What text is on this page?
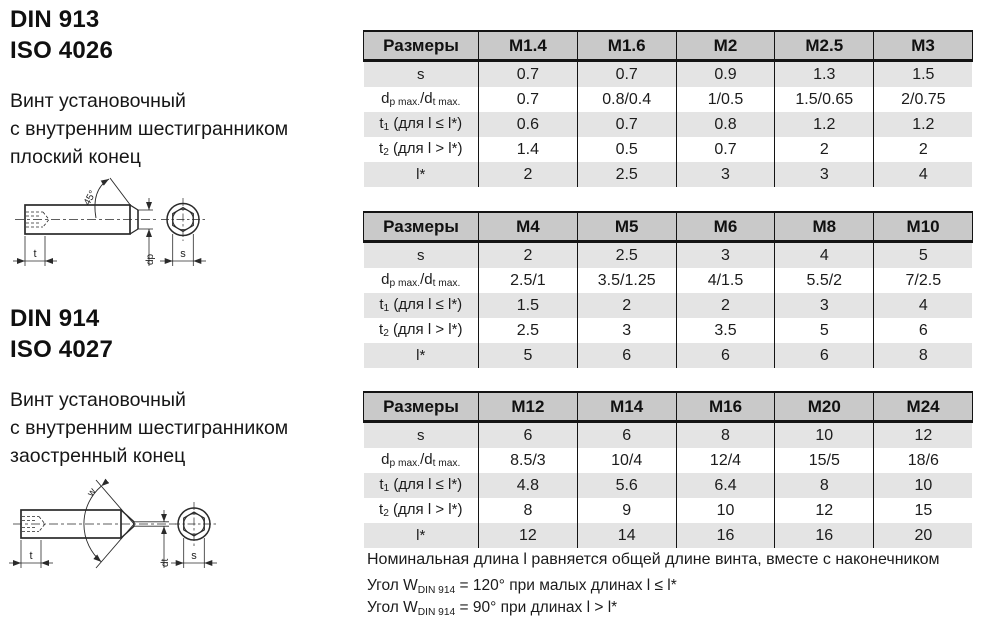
DIN 913
ISO 4026
Винт установочный
с внутренним шестигранником
плоский конец
45°
t	dp s
DIN 914
ISO 4027
Винт установочный
с внутренним шестигранником
заостренный конец
w
t
dt
s
Размеры	M1.4	M1.6	M2	M2.5	M3
s	0.7	0.7	0.9	1.3	1.5
$d_{p max.}/d_{t max.}$	0.7	0.8/0.4	1/0.5	1.5/0.65	2/0.75
$t_1$ (для l ≤ l*)	0.6	0.7	0.8	1.2	1.2
$t_2$ (для l > l*)	1.4	0.5	0.7	2	2
l*	2	2.5	3	3	4
Размеры	M4	M5	M6	M8	M10
s	2	2.5	3	4	5
$d_{p max.}/d_{t max.}$	2.5/1	3.5/1.25	4/1.5	5.5/2	7/2.5
$t_1$ (для l ≤ l*)	1.5	2	2	3	4
$t_2$ (для l > l*)	2.5	3	3.5	5	6
l*	5	6	6	6	8
Размеры	M12	M14	M16	M20	M24
s	6	6	8	10	12
$d_{p max.}/d_{t max.}$	8.5/3	10/4	12/4	15/5	18/6
$t_1$ (для l ≤ l*)	4.8	5.6	6.4	8	10
$t_2$ (для l > l*)	8	9	10	12	15
l*	12	14	16	16	20
Номинальная длина l равняется общей длине винта, вместе с наконечником
Угол $W_{DIN 914} = 120^\circ$ при малых длинах l ≤ l*
Угол $W_{DIN 914} = 90^\circ$ при длинах l > l*
